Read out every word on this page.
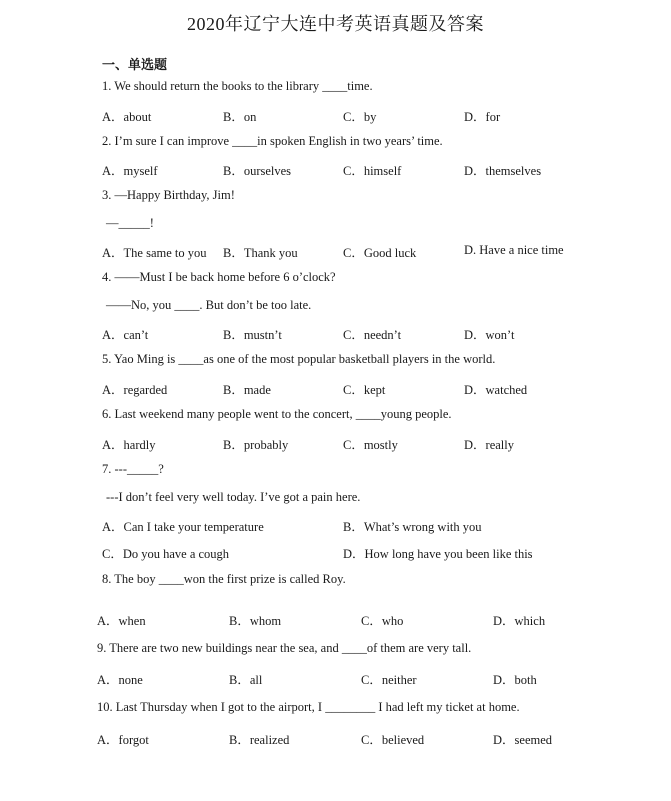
2020年辽宁大连中考英语真题及答案
一、单选题
1. We should return the books to the library ____time.
A．about	B．on	C．by	D．for
2. I’m sure I can improve ____in spoken English in two years’ time.
A．myself	B．ourselves	C．himself	D．themselves
3. —Happy Birthday, Jim!
—_____!
A．The same to you B．Thank you	C．Good luck	D. Have a nice time
4. ——Must I be back home before 6 o’clock?
——No, you ____. But don’t be too late.
A．can’t	B．mustn’t	C．needn’t	D．won’t
5. Yao Ming is ____as one of the most popular basketball players in the world.
A．regarded	B．made	C．kept	D．watched
6. Last weekend many people went to the concert, ____young people.
A．hardly	B．probably	C．mostly	D．really
7. ---_____?
---I don’t feel very well today. I’ve got a pain here.
A．Can I take your temperature	B．What’s wrong with you
C．Do you have a cough	D．How long have you been like this
8. The boy ____won the first prize is called Roy.
A．when	B．whom	C．who	D．which
9. There are two new buildings near the sea, and ____of them are very tall.
A．none	B．all	C．neither	D．both
10. Last Thursday when I got to the airport, I ________ I had left my ticket at home.
A．forgot	B．realized	C．believed	D．seemed
